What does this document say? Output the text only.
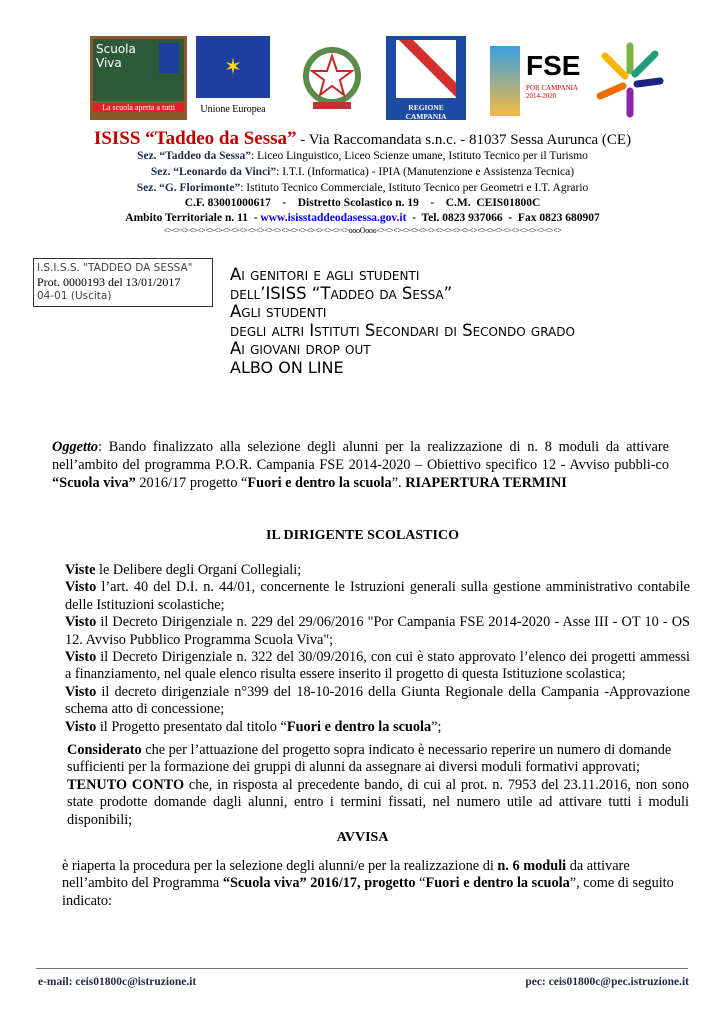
Scuola Viva
La scuola aperta a tutti
✶
Unione Europea	REGIONE CAMPANIA
FSE
POR CAMPANIA 2014-2020
ISISS “Taddeo da Sessa” - Via Raccomandata s.n.c. - 81037 Sessa Aurunca (CE)
Sez. “Taddeo da Sessa”: Liceo Linguistico, Liceo Scienze umane, Istituto Tecnico per il Turismo
Sez. “Leonardo da Vinci”: I.T.I. (Informatica) - IPIA (Manutenzione e Assistenza Tecnica)
Sez. “G. Florimonte”: Istituto Tecnico Commerciale, Istituto Tecnico per Geometri e I.T. Agrario
C.F. 83001000617    -    Distretto Scolastico n. 19    -    C.M.  CEIS01800C
Ambito Territoriale n. 11  - www.isisstaddeodasessa.gov.it  -  Tel. 0823 937066  -  Fax 0823 680907
<><><><><><><><><><><><><><><><><><><><><><>oooOooo<><><><><><><><><><><><><><><><><><><><><><>
I.S.I.S.S. "TADDEO DA SESSA"
Prot. 0000193 del 13/01/2017
04-01 (Uscita)
Ai genitori e agli studenti
dell’ISISS “Taddeo da Sessa”
Agli studenti
degli altri Istituti Secondari di Secondo grado
Ai giovani drop out
ALBO ON LINE
Oggetto: Bando finalizzato alla selezione degli alunni per la realizzazione di n. 8 moduli da attivare nell’ambito del programma P.O.R. Campania FSE 2014-2020 – Obiettivo specifico 12 - Avviso pubbli-co “Scuola viva” 2016/17 progetto “Fuori e dentro la scuola”. RIAPERTURA TERMINI
IL DIRIGENTE SCOLASTICO
Viste le Delibere degli Organi Collegiali;
Visto l’art. 40 del D.I. n. 44/01, concernente le Istruzioni generali sulla gestione amministrativo contabile delle Istituzioni scolastiche;
Visto il Decreto Dirigenziale n. 229 del 29/06/2016 "Por Campania FSE 2014-2020 - Asse III - OT 10 - OS 12. Avviso Pubblico Programma Scuola Viva";
Visto il Decreto Dirigenziale n. 322 del 30/09/2016, con cui è stato approvato l’elenco dei progetti ammessi a finanziamento, nel quale elenco risulta essere inserito il progetto di questa Istituzione scolastica;
Visto il decreto dirigenziale n°399 del 18-10-2016 della Giunta Regionale della Campania -Approvazione schema atto di concessione;
Visto il Progetto presentato dal titolo “Fuori e dentro la scuola”;
Considerato che per l’attuazione del progetto sopra indicato è necessario reperire un numero di domande sufficienti per la formazione dei gruppi di alunni da assegnare ai diversi moduli formativi approvati;
TENUTO CONTO che, in risposta al precedente bando, di cui al prot. n. 7953 del 23.11.2016, non sono state prodotte domande dagli alunni, entro i termini fissati, nel numero utile ad attivare tutti i moduli disponibili;
AVVISA
è riaperta la procedura per la selezione degli alunni/e per la realizzazione di n. 6 moduli da attivare nell’ambito del Programma “Scuola viva” 2016/17, progetto “Fuori e dentro la scuola”, come di seguito indicato:
e-mail: ceis01800c@istruzione.it	pec: ceis01800c@pec.istruzione.it
